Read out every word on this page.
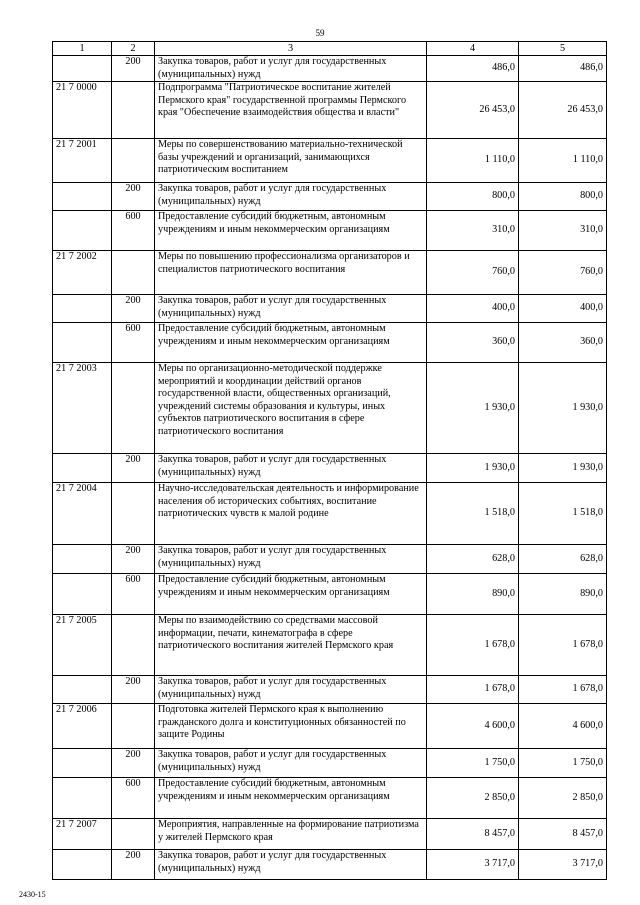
59
1	2	3	4	5
	200	Закупка товаров, работ и услуг для государственных (муниципальных) нужд	486,0	486,0
21 7 0000		Подпрограмма "Патриотическое воспитание жителей Пермского края" государственной программы Пермского края "Обеспечение взаимодействия общества и власти"	26 453,0	26 453,0
21 7 2001		Меры по совершенствованию материально-технической базы учреждений и организаций, занимающихся патриотическим воспитанием	1 110,0	1 110,0
	200	Закупка товаров, работ и услуг для государственных (муниципальных) нужд	800,0	800,0
	600	Предоставление субсидий бюджетным, автономным учреждениям и иным некоммерческим организациям	310,0	310,0
21 7 2002		Меры по повышению профессионализма организаторов и специалистов патриотического воспитания	760,0	760,0
	200	Закупка товаров, работ и услуг для государственных (муниципальных) нужд	400,0	400,0
	600	Предоставление субсидий бюджетным, автономным учреждениям и иным некоммерческим организациям	360,0	360,0
21 7 2003		Меры по организационно-методической поддержке мероприятий и координации действий органов государственной власти, общественных организаций, учреждений системы образования и культуры, иных субъектов патриотического воспитания в сфере патриотического воспитания	1 930,0	1 930,0
	200	Закупка товаров, работ и услуг для государственных (муниципальных) нужд	1 930,0	1 930,0
21 7 2004		Научно-исследовательская деятельность и информирование населения об исторических событиях, воспитание патриотических чувств к малой родине	1 518,0	1 518,0
	200	Закупка товаров, работ и услуг для государственных (муниципальных) нужд	628,0	628,0
	600	Предоставление субсидий бюджетным, автономным учреждениям и иным некоммерческим организациям	890,0	890,0
21 7 2005		Меры по взаимодействию со средствами массовой информации, печати, кинематографа в сфере патриотического воспитания жителей Пермского края	1 678,0	1 678,0
	200	Закупка товаров, работ и услуг для государственных (муниципальных) нужд	1 678,0	1 678,0
21 7 2006		Подготовка жителей Пермского края к выполнению гражданского долга и конституционных обязанностей по защите Родины	4 600,0	4 600,0
	200	Закупка товаров, работ и услуг для государственных (муниципальных) нужд	1 750,0	1 750,0
	600	Предоставление субсидий бюджетным, автономным учреждениям и иным некоммерческим организациям	2 850,0	2 850,0
21 7 2007		Мероприятия, направленные на формирование патриотизма у жителей Пермского края	8 457,0	8 457,0
	200	Закупка товаров, работ и услуг для государственных (муниципальных) нужд	3 717,0	3 717,0
2430-15
